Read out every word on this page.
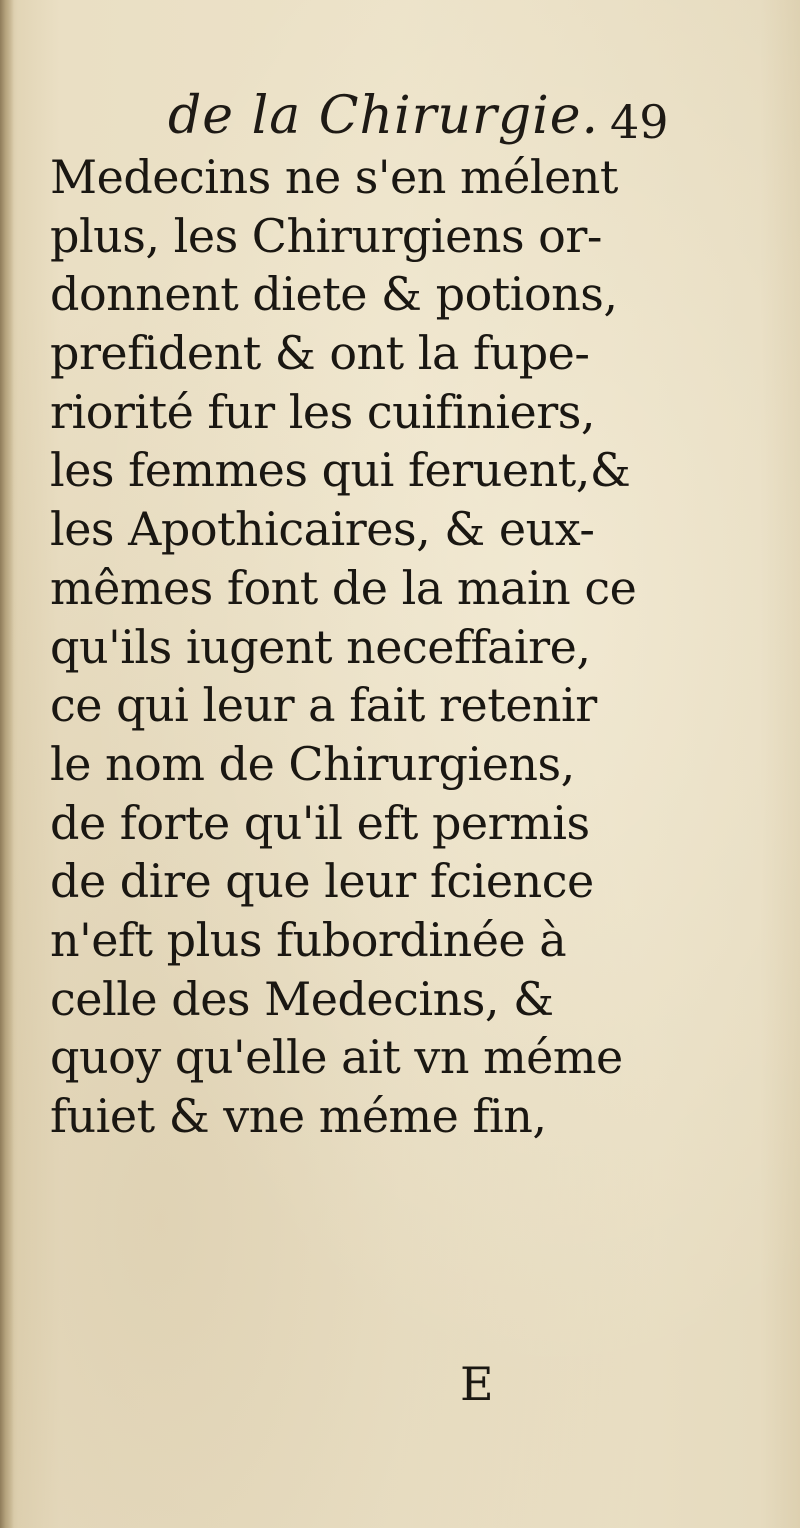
de la Chirurgie. 49
Medecins ne s'en mélent
plus, les Chirurgiens or-
donnent diete & potions,
prefident & ont la fupe-
riorité fur les cuifiniers,
les femmes qui feruent,&
les Apothicaires, & eux-
mêmes font de la main ce
qu'ils iugent neceffaire,
ce qui leur a fait retenir
le nom de Chirurgiens,
de forte qu'il eft permis
de dire que leur fcience
n'eft plus fubordinée à
celle des Medecins, &
quoy qu'elle ait vn méme
fuiet & vne méme fin,
E
